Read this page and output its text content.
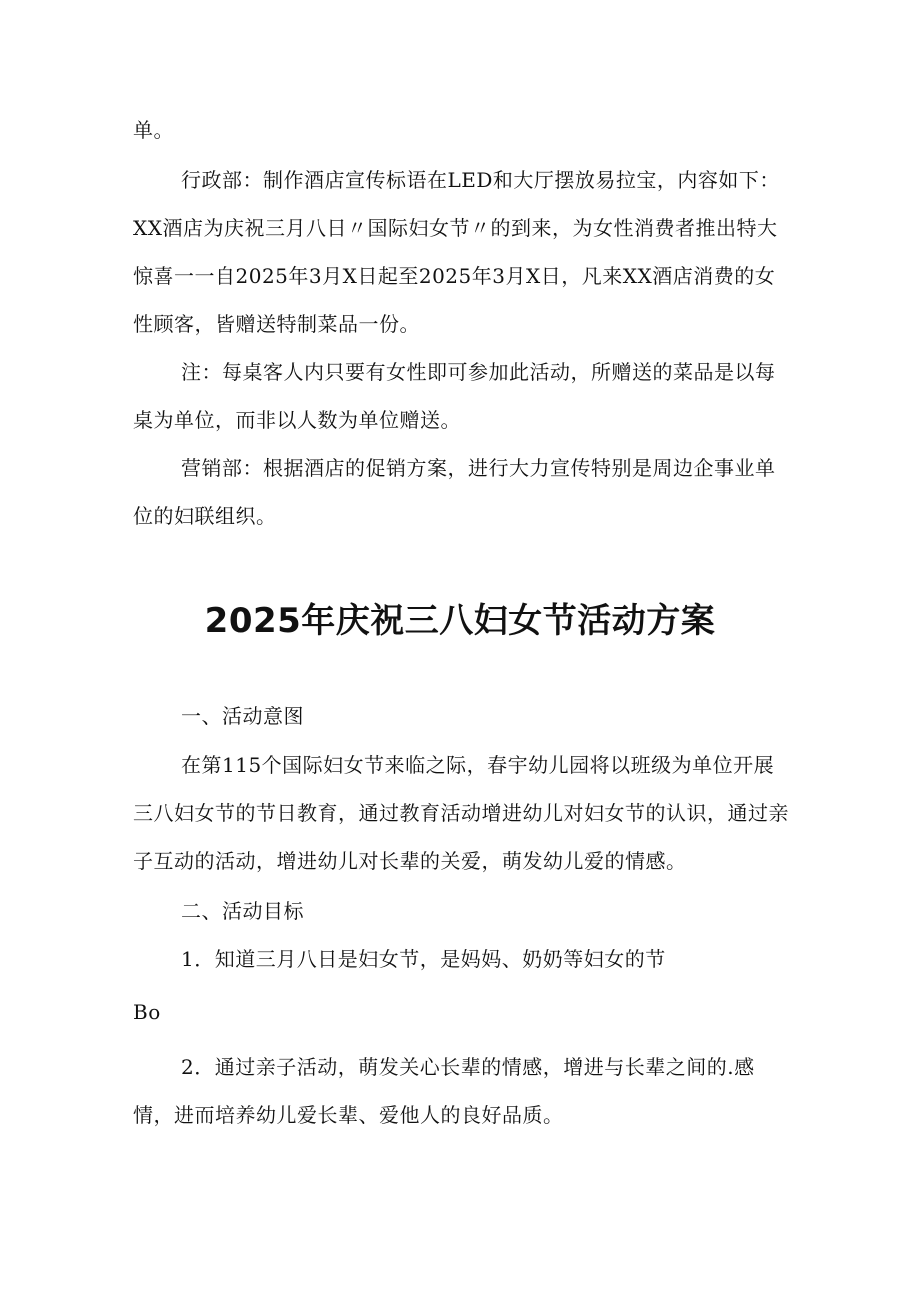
单。

行政部：制作酒店宣传标语在LED和大厅摆放易拉宝，内容如下：XX酒店为庆祝三月八日〃国际妇女节〃的到来，为女性消费者推出特大惊喜一一自2025年3月X日起至2025年3月X日，凡来XX酒店消费的女性顾客，皆赠送特制菜品一份。

注：每桌客人内只要有女性即可参加此活动，所赠送的菜品是以每桌为单位，而非以人数为单位赠送。

营销部：根据酒店的促销方案，进行大力宣传特别是周边企事业单位的妇联组织。

2025年庆祝三八妇女节活动方案

一、活动意图

在第115个国际妇女节来临之际，春宇幼儿园将以班级为单位开展三八妇女节的节日教育，通过教育活动增进幼儿对妇女节的认识，通过亲子互动的活动，增进幼儿对长辈的关爱，萌发幼儿爱的情感。

二、活动目标

1．知道三月八日是妇女节，是妈妈、奶奶等妇女的节

Bo

2．通过亲子活动，萌发关心长辈的情感，增进与长辈之间的.感情，进而培养幼儿爱长辈、爱他人的良好品质。
